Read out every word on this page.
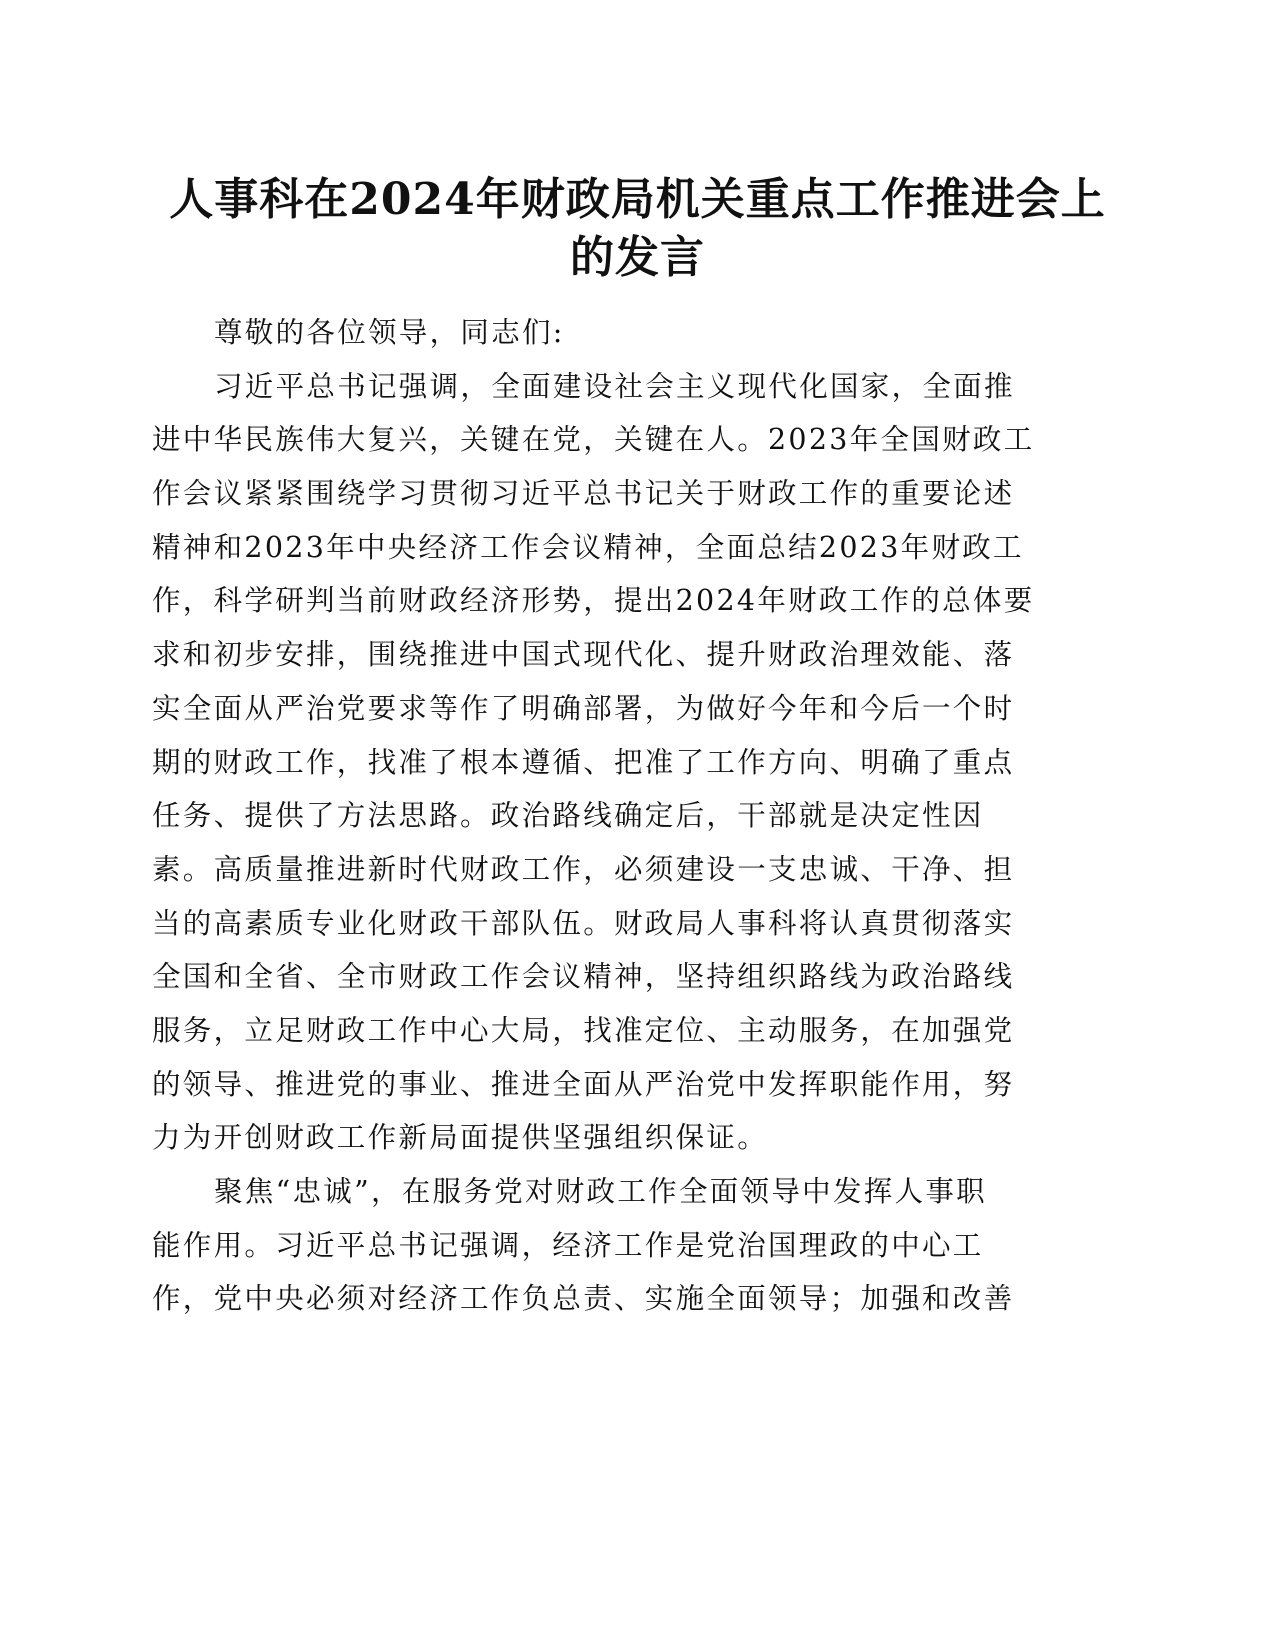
人事科在2024年财政局机关重点工作推进会上
的发言
尊敬的各位领导，同志们:
习近平总书记强调，全面建设社会主义现代化国家，全面推
进中华民族伟大复兴，关键在党，关键在人。2023年全国财政工
作会议紧紧围绕学习贯彻习近平总书记关于财政工作的重要论述
精神和2023年中央经济工作会议精神，全面总结2023年财政工
作，科学研判当前财政经济形势，提出2024年财政工作的总体要
求和初步安排，围绕推进中国式现代化、提升财政治理效能、落
实全面从严治党要求等作了明确部署，为做好今年和今后一个时
期的财政工作，找准了根本遵循、把准了工作方向、明确了重点
任务、提供了方法思路。政治路线确定后，干部就是决定性因
素。高质量推进新时代财政工作，必须建设一支忠诚、干净、担
当的高素质专业化财政干部队伍。财政局人事科将认真贯彻落实
全国和全省、全市财政工作会议精神，坚持组织路线为政治路线
服务，立足财政工作中心大局，找准定位、主动服务，在加强党
的领导、推进党的事业、推进全面从严治党中发挥职能作用，努
力为开创财政工作新局面提供坚强组织保证。
聚焦“忠诚”，在服务党对财政工作全面领导中发挥人事职
能作用。习近平总书记强调，经济工作是党治国理政的中心工
作，党中央必须对经济工作负总责、实施全面领导；加强和改善
